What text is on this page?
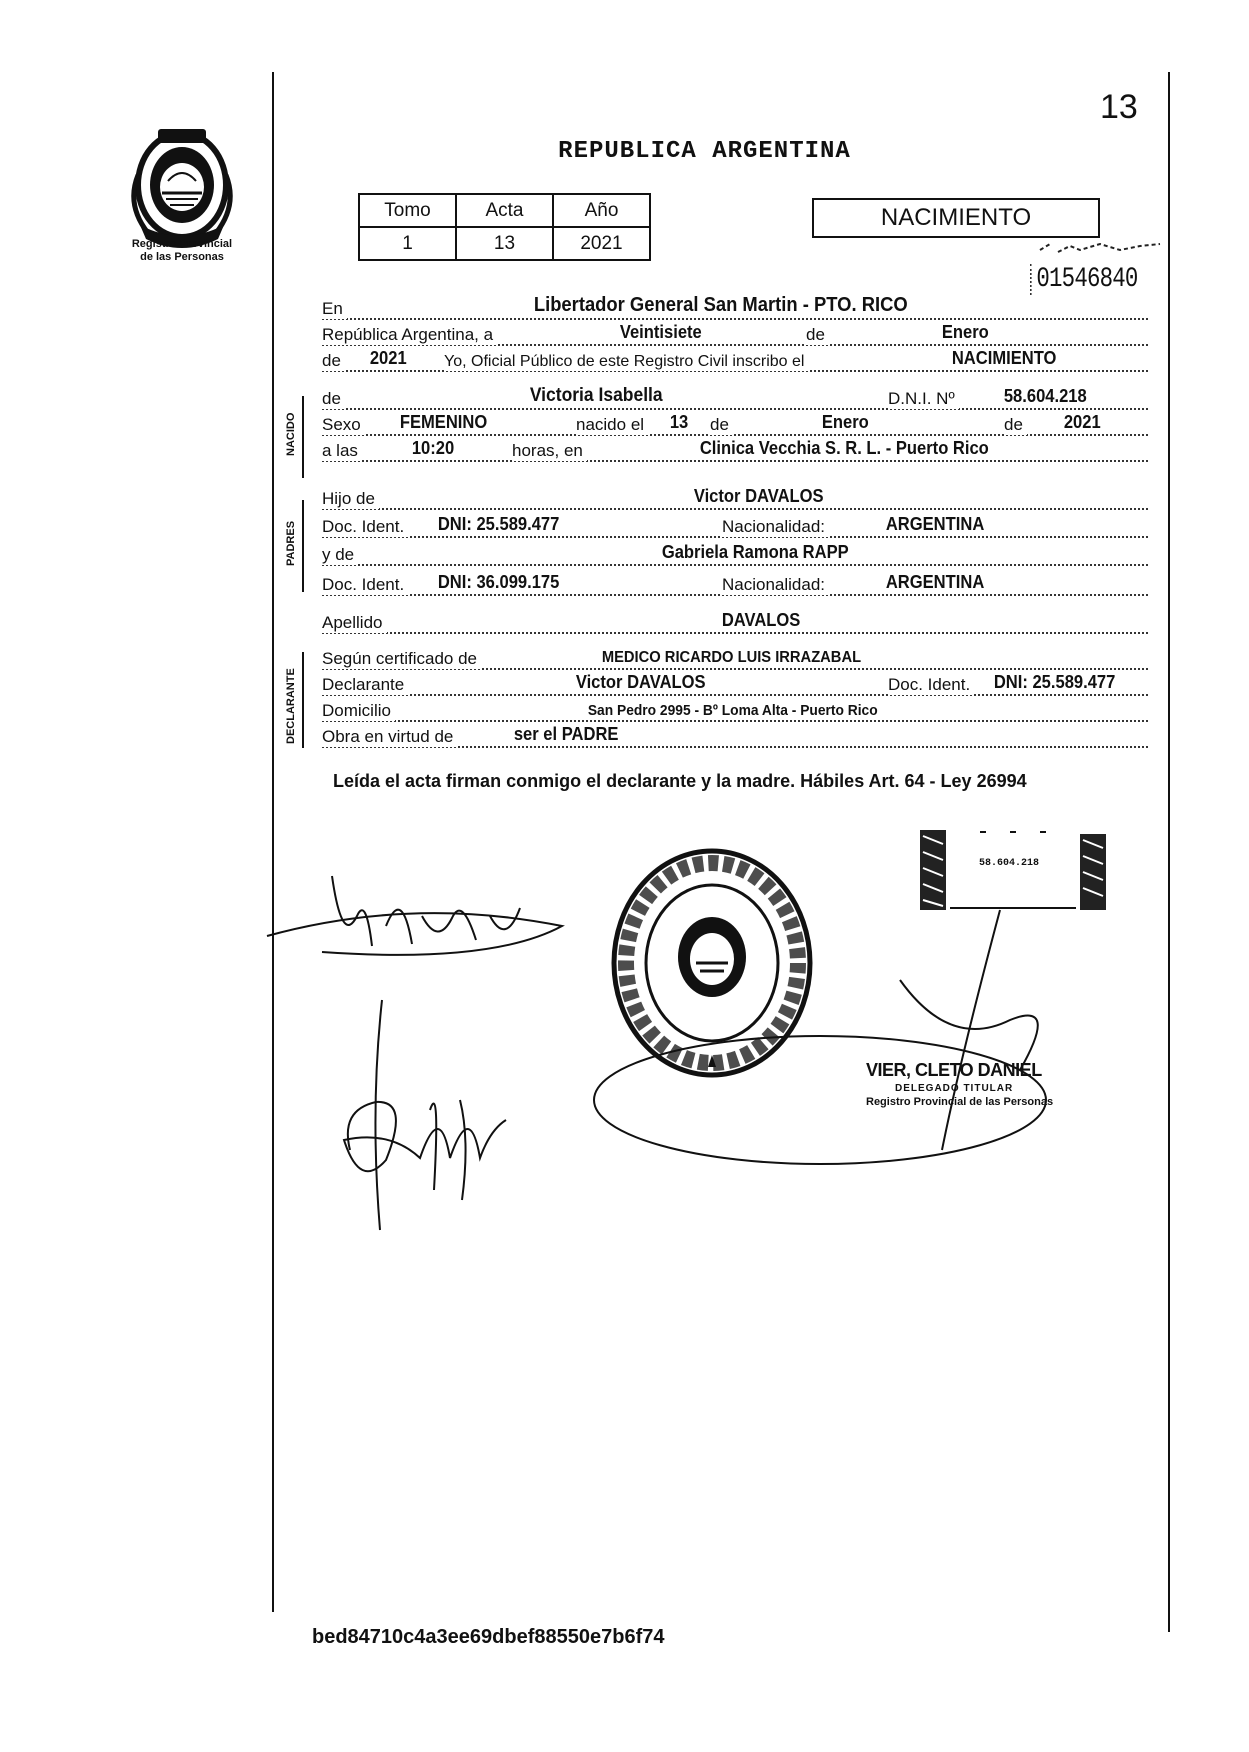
13
Registro Provincial
de las Personas
REPUBLICA ARGENTINA
Tomo	Acta	Año
1	13	2021
NACIMIENTO
01546840
En	Libertador General San Martin - PTO. RICO
República Argentina, a	Veintisiete	de	Enero
de 2021 Yo, Oficial Público de este Registro Civil inscribo el	NACIMIENTO
NACIDO
de	Victoria Isabella	D.N.I. Nº	58.604.218
Sexo FEMENINO	nacido el 13 de	Enero	de 2021
a las	10:20	horas, en	Clinica Vecchia S. R. L. - Puerto Rico
PADRES
Hijo de	Victor DAVALOS
Doc. Ident. DNI: 25.589.477	Nacionalidad:	ARGENTINA
y de	Gabriela Ramona RAPP
Doc. Ident. DNI: 36.099.175	Nacionalidad:	ARGENTINA
Apellido	DAVALOS
DECLARANTE
Según certificado de	MEDICO RICARDO LUIS IRRAZABAL
Declarante	Victor DAVALOS	Doc. Ident. DNI: 25.589.477
Domicilio	San Pedro 2995 - Bº Loma Alta - Puerto Rico
Obra en virtud de	ser el PADRE
Leída el acta firman conmigo el declarante y la madre. Hábiles Art. 64 - Ley 26994
58.604.218
VIER, CLETO DANIEL
DELEGADO TITULAR
Registro Provincial de las Personas
bed84710c4a3ee69dbef88550e7b6f74
